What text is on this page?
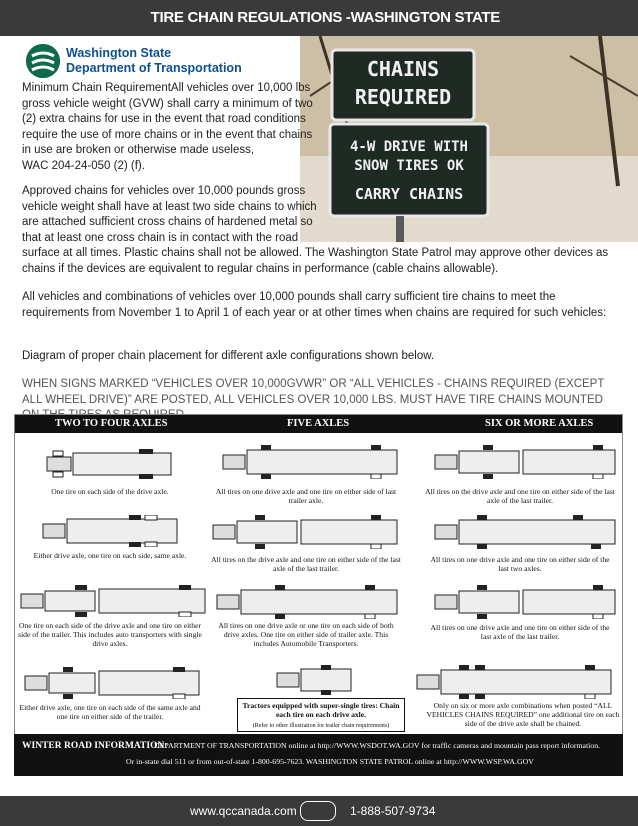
TIRE CHAIN REGULATIONS -WASHINGTON STATE
CHAINS
REQUIRED
4-W DRIVE WITH
SNOW TIRES OK
CARRY CHAINS
Washington State
Department of Transportation
Minimum Chain RequirementAll vehicles over 10,000 lbs gross vehicle weight (GVW) shall carry a minimum of two (2) extra chains for use in the event that road conditions require the use of more chains or in the event that chains in use are broken or otherwise made useless,
WAC 204-24-050 (2) (f).
Approved chains for vehicles over 10,000 pounds gross vehicle weight shall have at least two side chains to which are attached sufficient cross chains of hardened metal so that at least one cross chain is in contact with the road
surface at all times. Plastic chains shall not be allowed. The Washington State Patrol may approve other devices as chains if the devices are equivalent to regular chains in performance (cable chains allowable).
All vehicles and combinations of vehicles over 10,000 pounds shall carry sufficient tire chains to meet the requirements from November 1 to April 1 of each year or at other times when chains are required for such vehicles:
Diagram of proper chain placement for different axle configurations shown below.
WHEN SIGNS MARKED “VEHICLES OVER 10,000GVWR” OR “ALL VEHICLES - CHAINS REQUIRED (EXCEPT ALL WHEEL DRIVE)” ARE POSTED, ALL VEHICLES OVER 10,000 LBS. MUST HAVE TIRE CHAINS MOUNTED
TWO TO FOUR AXLES	FIVE AXLES	SIX OR MORE AXLES
One tire on each side of the drive axle.
Either drive axle, one tire on each side, same axle.
One tire on each side of the drive axle and one tire on either side of the trailer. This includes auto transporters with single drive axles.
Either drive axle, one tire on each side of the same axle and one tire on either side of the trailer.
All tires on one drive axle and one tire on either side of last trailer axle.
All tires on the drive axle and one tire on either side of the last axle of the last trailer.
All tires on one drive axle or one tire on each side of both drive axles. One tire on either side of trailer axle. This includes Automobile Transporters.
Tractors equipped with super-single tires: Chain each tire on each drive axle.
(Refer to other illustration for trailer chain requirements)
All tires on the drive axle and one tire on either side of the last axle of the last trailer.
All tires on one drive axle and one tire on either side of the last two axles.
All tires on one drive axle and one tire on either side of the last axle of the last trailer.
Only on six or more axle combinations when posted “ALL VEHICLES CHAINS REQUIRED” one additional tire on each side of the drive axle shall be chained.
WINTER ROAD INFORMATION:
DEPARTMENT OF TRANSPORTATION online at http://WWW.WSDOT.WA.GOV for traffic cameras and mountain pass report information.
Or in-state dial 511 or from out-of-state 1-800-695-7623. WASHINGTON STATE PATROL online at http://WWW.WSP.WA.GOV
www.qccanada.com	1-888-507-9734
